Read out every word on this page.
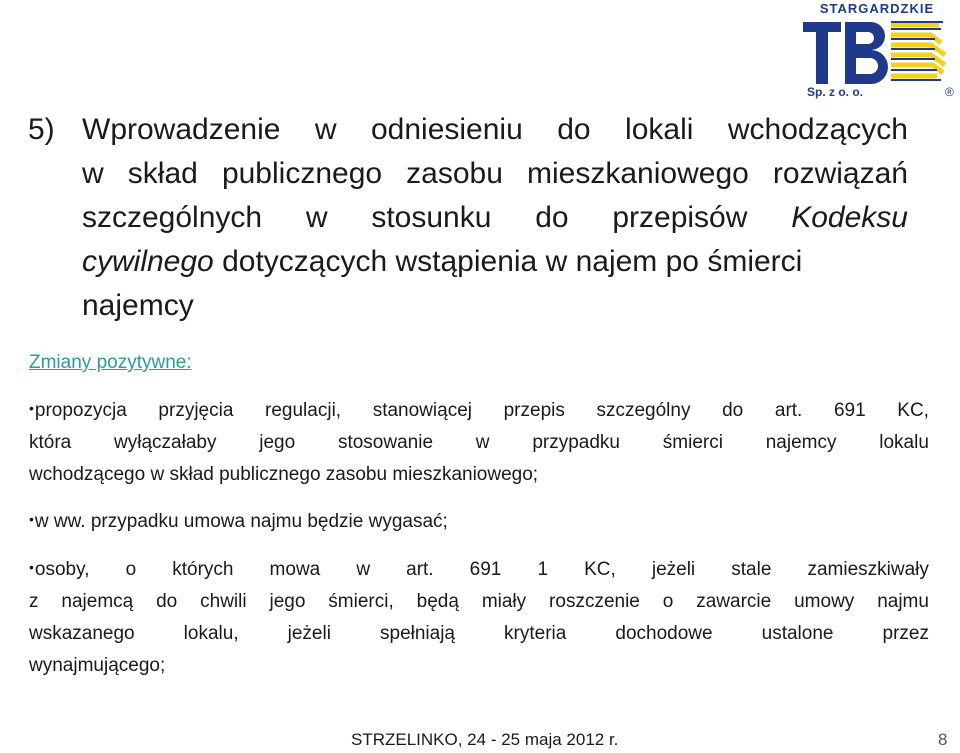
STARGARDZKIE
Sp. z o. o.	®
5) Wprowadzenie w odniesieniu do lokali wchodzących
w skład publicznego zasobu mieszkaniowego rozwiązań
szczególnych w stosunku do przepisów Kodeksu
cywilnego dotyczących wstąpienia w najem po śmierci
najemcy
Zmiany pozytywne:
•propozycja przyjęcia regulacji, stanowiącej przepis szczególny do art. 691 KC,
która wyłączałaby jego stosowanie w przypadku śmierci najemcy lokalu
wchodzącego w skład publicznego zasobu mieszkaniowego;
• w ww. przypadku umowa najmu będzie wygasać;
•osoby, o których mowa w art. 691 1 KC, jeżeli stale zamieszkiwały
z najemcą do chwili jego śmierci, będą miały roszczenie o zawarcie umowy najmu
wskazanego	lokalu,	jeżeli	spełniają	kryteria	dochodowe	ustalone	przez
wynajmującego;
STRZELINKO, 24 - 25 maja 2012 r.	8
